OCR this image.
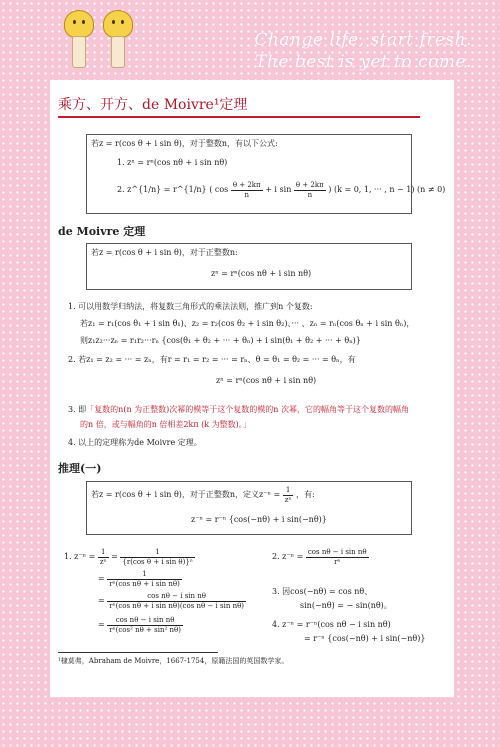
Change life, start fresh.
The best is yet to come.
乘方、开方、de Moivre¹定理
若z = r(cos θ + i sin θ)，对于整数n，有以下公式:
1. zⁿ = rⁿ(cos nθ + i sin nθ)
2. z^{1/n} = r^{1/n} ( $\cos \frac{\theta + 2k\pi}{n} + i$ $\sin \frac{\theta + 2k\pi}{n}$ ) (k = 0, 1, ··· , n − 1) (n ≠ 0)
de Moivre 定理
若z = r(cos θ + i sin θ)，对于正整数n:
zⁿ = rⁿ(cos nθ + i sin nθ)
1. 可以用数学归纳法，将复数三角形式的乘法法则，推广到n 个复数:
若z₁ = r₁(cos θ₁ + i sin θ₁)、z₂ = r₂(cos θ₂ + i sin θ₂)、··· 、zₙ = rₙ(cos θₙ + i sin θₙ)，
则z₁z₂···zₙ = r₁r₂···rₙ {cos(θ₁ + θ₂ + ··· + θₙ) + i sin(θ₁ + θ₂ + ··· + θₙ)}
2. 若z₁ = z₂ = ··· = zₙ，有r = r₁ = r₂ = ··· = rₙ、θ = θ₁ = θ₂ = ··· = θₙ，有
zⁿ = rⁿ(cos nθ + i sin nθ)
3. 即「复数的n(n 为正整数)次幂的模等于这个复数的模的n 次幂，它的幅角等于这个复数的幅角
的n 倍，或与幅角的n 倍相差2kπ (k 为整数)。」
4. 以上的定理称为de Moivre 定理。
推理(一)
若z = r(cos θ + i sin θ)，对于正整数n，定义$z^{-n} = \frac{1}{\text{zⁿ}}$ ，有:
z⁻ⁿ = r⁻ⁿ {cos(−nθ) + i sin(−nθ)}
1. $z^{-n} = \frac{1}{\text{zⁿ}} = \frac{1}{\text{\{r(cos θ + i sin θ)\}ⁿ}}$
= $\frac{1}{\text{rⁿ(cos nθ + i sin nθ)}}$
= $\frac{\text{cos nθ − i sin nθ}}{\text{rⁿ(cos nθ + i sin nθ)(cos nθ − i sin nθ)}}$
= $\frac{\text{cos nθ − i sin nθ}}{\text{rⁿ(cos² nθ + sin² nθ)}}$
2. $z^{-n} = \frac{\text{cos nθ − i sin nθ}}{\text{rⁿ}}$
3. 因cos(−nθ) = cos nθ、
sin(−nθ) = − sin(nθ)。
4. z⁻ⁿ = r⁻ⁿ(cos nθ − i sin nθ)
= r⁻ⁿ {cos(−nθ) + i sin(−nθ)}
¹棣莫弗，Abraham de Moivre，1667-1754，原籍法国的英国数学家。
